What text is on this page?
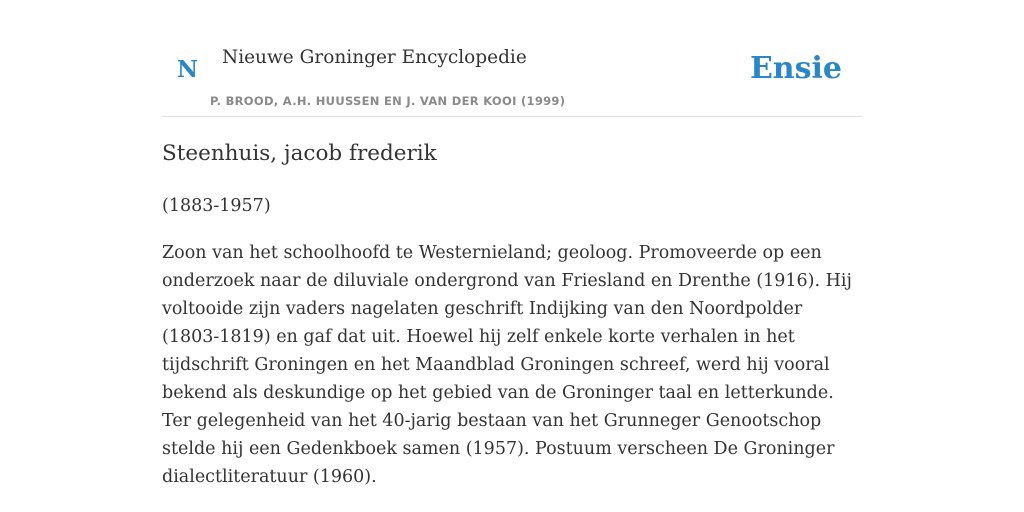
N Nieuwe Groninger Encyclopedie
P. BROOD, A.H. HUUSSEN EN J. VAN DER KOOI (1999)
Ensie
Steenhuis, jacob frederik

(1883-1957)

Zoon van het schoolhoofd te Westernieland; geoloog. Promoveerde op een onderzoek naar de diluviale ondergrond van Friesland en Drenthe (1916). Hij voltooide zijn vaders nagelaten geschrift Indijking van den Noordpolder (1803-1819) en gaf dat uit. Hoewel hij zelf enkele korte verhalen in het tijdschrift Groningen en het Maandblad Groningen schreef, werd hij vooral bekend als deskundige op het gebied van de Groninger taal en letterkunde. Ter gelegenheid van het 40-jarig bestaan van het Grunneger Genootschop stelde hij een Gedenkboek samen (1957). Postuum verscheen De Groninger dialectliteratuur (1960).
